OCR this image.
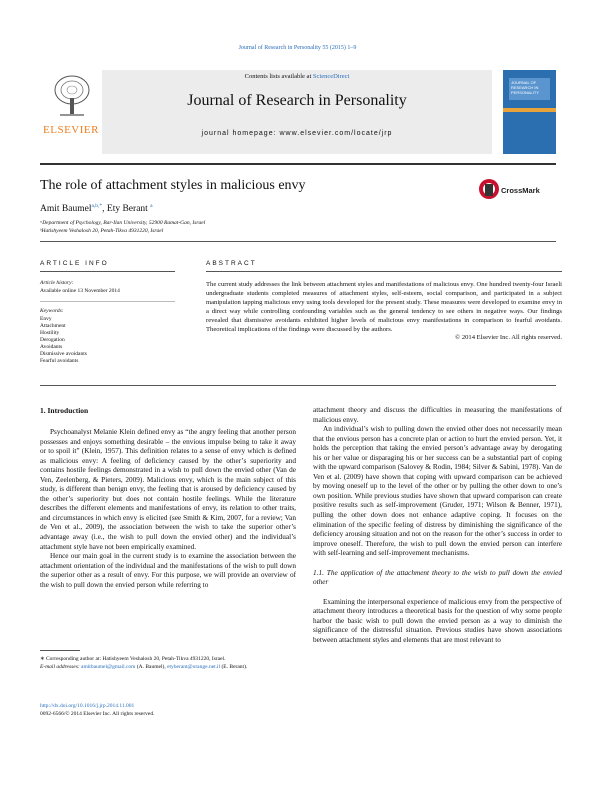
Journal of Research in Personality 55 (2015) 1–9
ELSEVIER
Contents lists available at ScienceDirect
Journal of Research in Personality
journal homepage: www.elsevier.com/locate/jrp
JOURNAL OF RESEARCH IN PERSONALITY
The role of attachment styles in malicious envy	CrossMark
Amit Baumel$^{a,b,*}$, Ety Berant $^a$
ᵃDepartment of Psychology, Bar-Ilan University, 52900 Ramat-Gan, Israel
ᵇHatishyeem Veshalosh 20, Petah-Tikva 4931220, Israel
ARTICLE INFO
Article history:
Available online 13 November 2014
Keywords:
Envy
Attachment
Hostility
Derogation
Avoidants
Dismissive avoidants
Fearful avoidants
ABSTRACT
The current study addresses the link between attachment styles and manifestations of malicious envy. One hundred twenty-four Israeli undergraduate students completed measures of attachment styles, self-esteem, social comparison, and participated in a subject manipulation tapping malicious envy using tools developed for the present study. These measures were developed to examine envy in a direct way while controlling confounding variables such as the general tendency to see others in negative ways. Our findings revealed that dismissive avoidants exhibited higher levels of malicious envy manifestations in comparison to fearful avoidants. Theoretical implications of the findings were discussed by the authors.
© 2014 Elsevier Inc. All rights reserved.
1. Introduction

Psychoanalyst Melanie Klein defined envy as “the angry feeling that another person possesses and enjoys something desirable – the envious impulse being to take it away or to spoil it” (Klein, 1957). This definition relates to a sense of envy which is defined as malicious envy: A feeling of deficiency caused by the other’s superiority and contains hostile feelings demonstrated in a wish to pull down the envied other (Van de Ven, Zeelenberg, & Pieters, 2009). Malicious envy, which is the main subject of this study, is different than benign envy, the feeling that is aroused by deficiency caused by the other’s superiority but does not contain hostile feelings. While the literature describes the different elements and manifestations of envy, its relation to other traits, and circumstances in which envy is elicited (see Smith & Kim, 2007, for a review; Van de Ven et al., 2009), the association between the wish to take the superior other’s advantage away (i.e., the wish to pull down the envied other) and the individual’s attachment style have not been empirically examined.

Hence our main goal in the current study is to examine the association between the attachment orientation of the individual and the manifestations of the wish to pull down the superior other as a result of envy. For this purpose, we will provide an overview of the wish to pull down the envied person while referring to

attachment theory and discuss the difficulties in measuring the manifestations of malicious envy.

An individual’s wish to pulling down the envied other does not necessarily mean that the envious person has a concrete plan or action to hurt the envied person. Yet, it holds the perception that taking the envied person’s advantage away by derogating his or her value or disparaging his or her success can be a substantial part of coping with the upward comparison (Salovey & Rodin, 1984; Silver & Sabini, 1978). Van de Ven et al. (2009) have shown that coping with upward comparison can be achieved by moving oneself up to the level of the other or by pulling the other down to one’s own position. While previous studies have shown that upward comparison can create positive results such as self-improvement (Gruder, 1971; Wilson & Benner, 1971), pulling the other down does not enhance adaptive coping. It focuses on the elimination of the specific feeling of distress by diminishing the significance of the deficiency arousing situation and not on the reason for the other’s success in order to improve oneself. Therefore, the wish to pull down the envied person can interfere with self-learning and self-improvement mechanisms.

1.1. The application of the attachment theory to the wish to pull down the envied other

Examining the interpersonal experience of malicious envy from the perspective of attachment theory introduces a theoretical basis for the question of why some people harbor the basic wish to pull down the envied person as a way to diminish the significance of the distressful situation. Previous studies have shown associations between attachment styles and elements that are most relevant to

∗ Corresponding author at: Hatishyeem Veshalosh 20, Petah-Tikva 4931220, Israel.
E-mail addresses: amitbaumel@gmail.com (A. Baumel), etyberant@orange.net.il (E. Berant).
http://dx.doi.org/10.1016/j.jrp.2014.11.001
0092-6566/© 2014 Elsevier Inc. All rights reserved.
